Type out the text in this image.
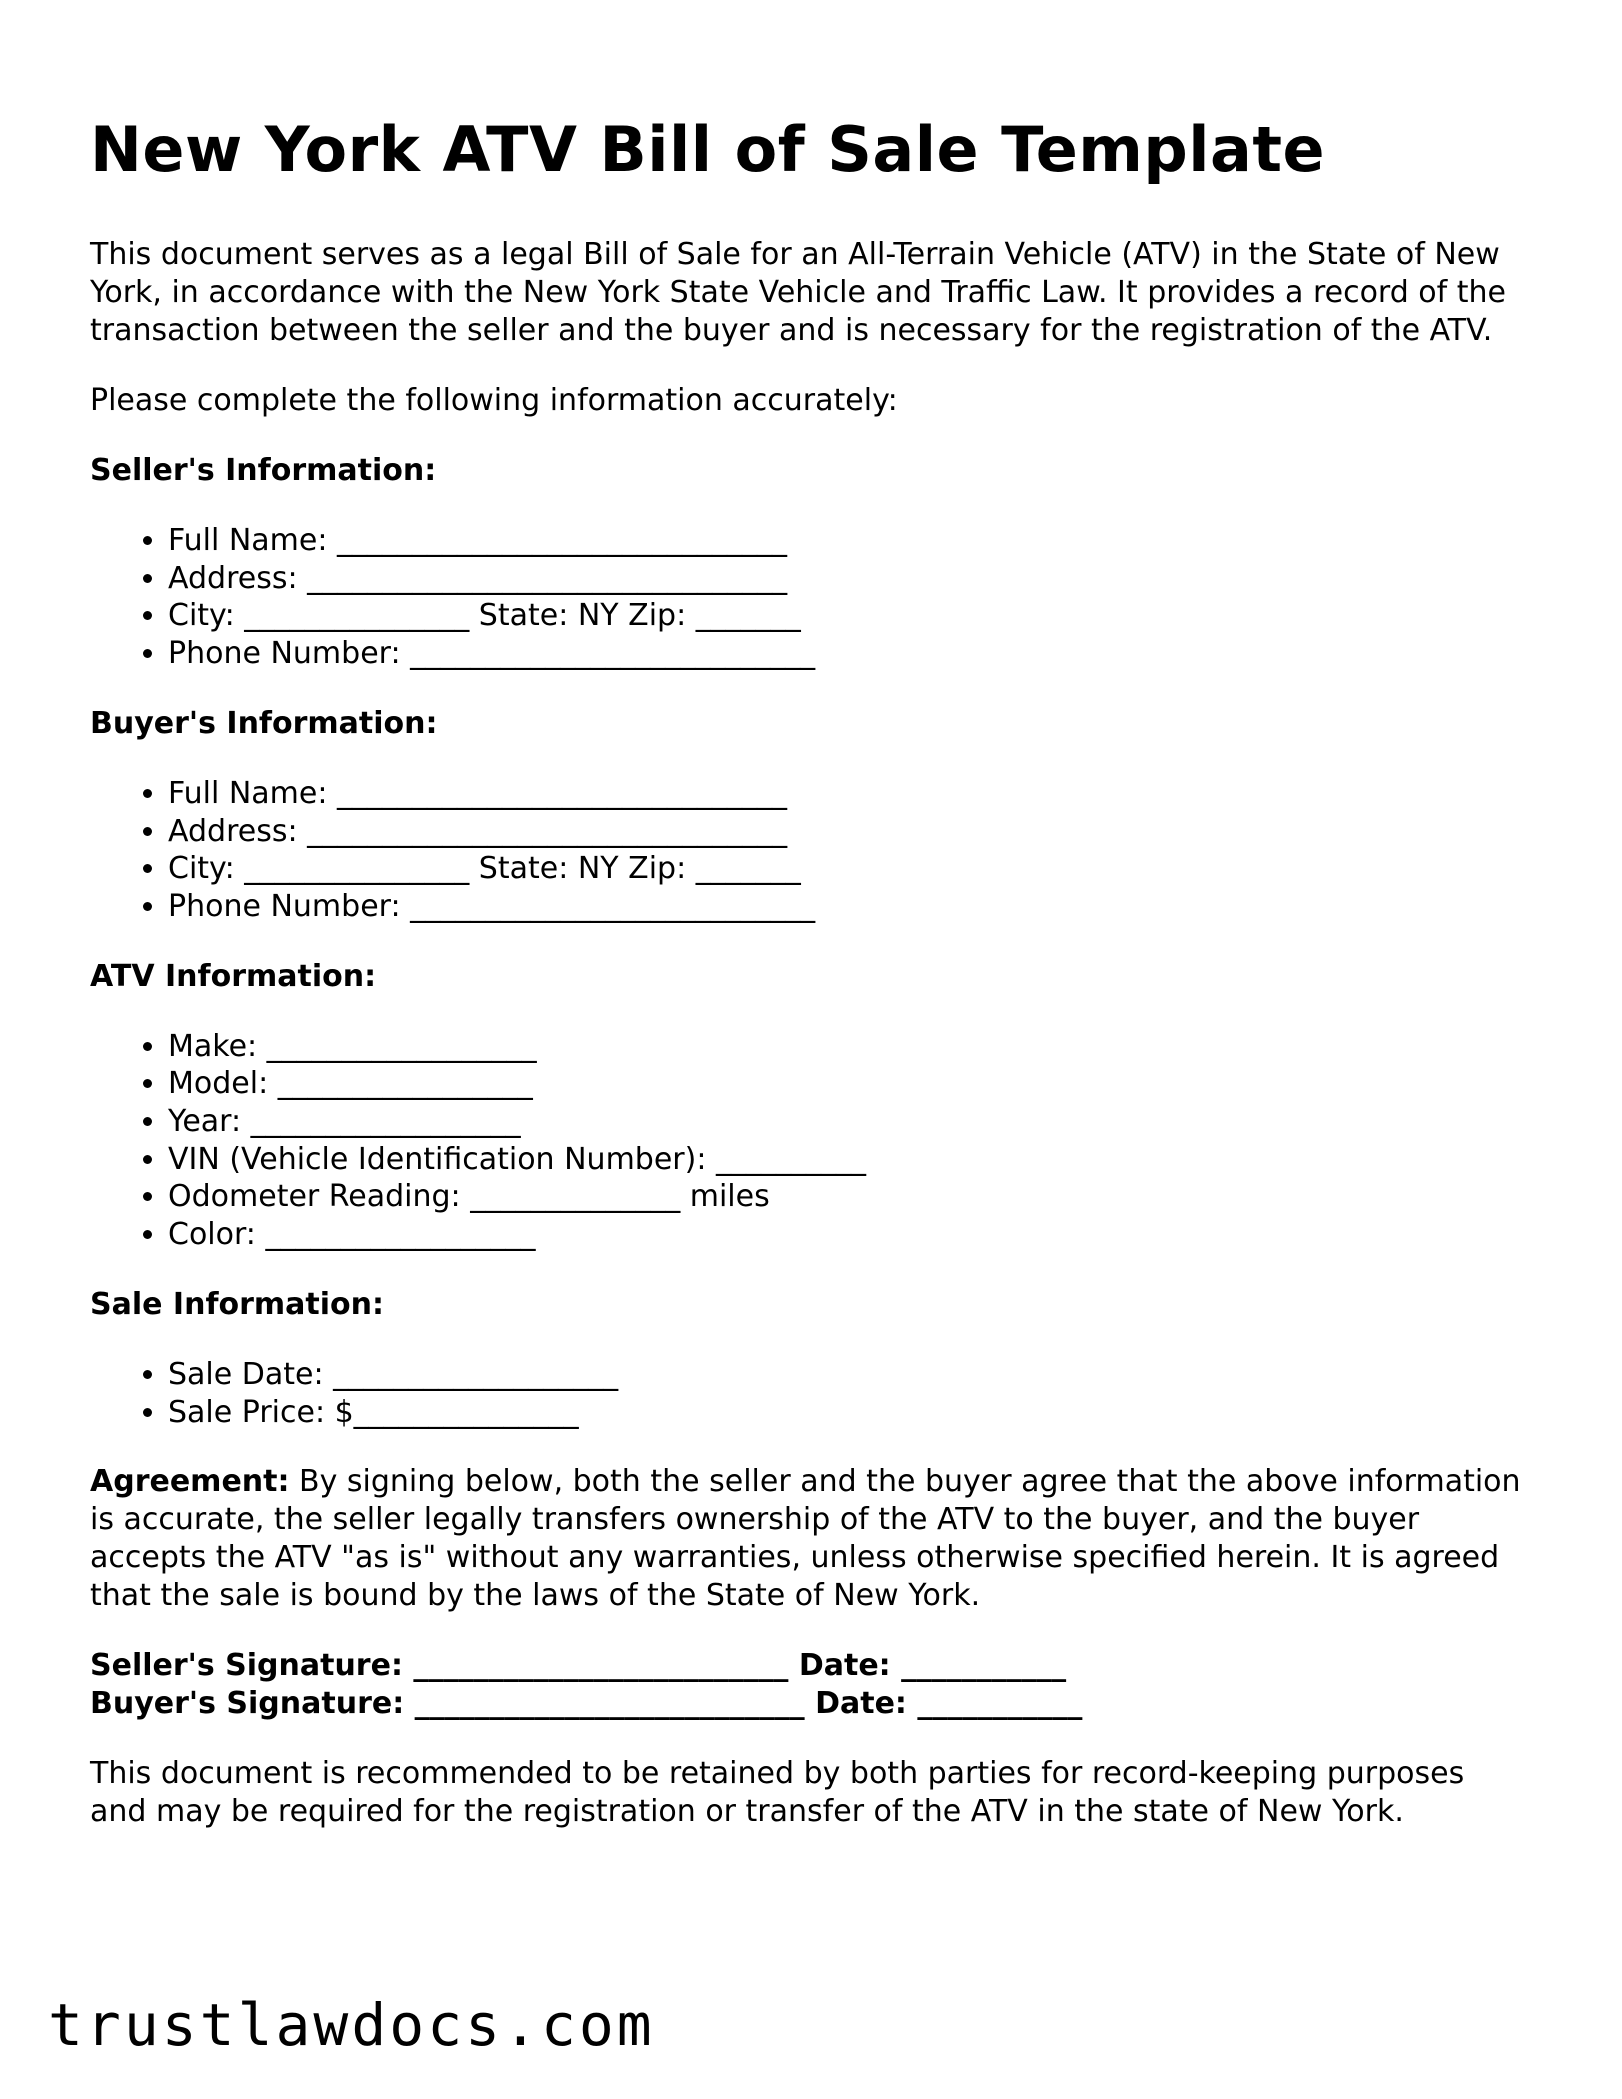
New York ATV Bill of Sale Template

This document serves as a legal Bill of Sale for an All-Terrain Vehicle (ATV) in the State of New York, in accordance with the New York State Vehicle and Traffic Law. It provides a record of the transaction between the seller and the buyer and is necessary for the registration of the ATV.

Please complete the following information accurately:

Seller's Information:
• Full Name: ______________________________
• Address: ________________________________
• City: _______________ State: NY Zip: _______
• Phone Number: ___________________________
Buyer's Information:
• Full Name: ______________________________
• Address: ________________________________
• City: _______________ State: NY Zip: _______
• Phone Number: ___________________________
ATV Information:
• Make: __________________
• Model: _________________
• Year: __________________
• VIN (Vehicle Identification Number): __________
• Odometer Reading: ______________ miles
• Color: __________________
Sale Information:
• Sale Date: ___________________
• Sale Price: $_______________

Agreement: By signing below, both the seller and the buyer agree that the above information is accurate, the seller legally transfers ownership of the ATV to the buyer, and the buyer accepts the ATV "as is" without any warranties, unless otherwise specified herein. It is agreed that the sale is bound by the laws of the State of New York.

Seller's Signature: _________________________ Date: ___________
Buyer's Signature: __________________________ Date: ___________

This document is recommended to be retained by both parties for record-keeping purposes and may be required for the registration or transfer of the ATV in the state of New York.

trustlawdocs.com
